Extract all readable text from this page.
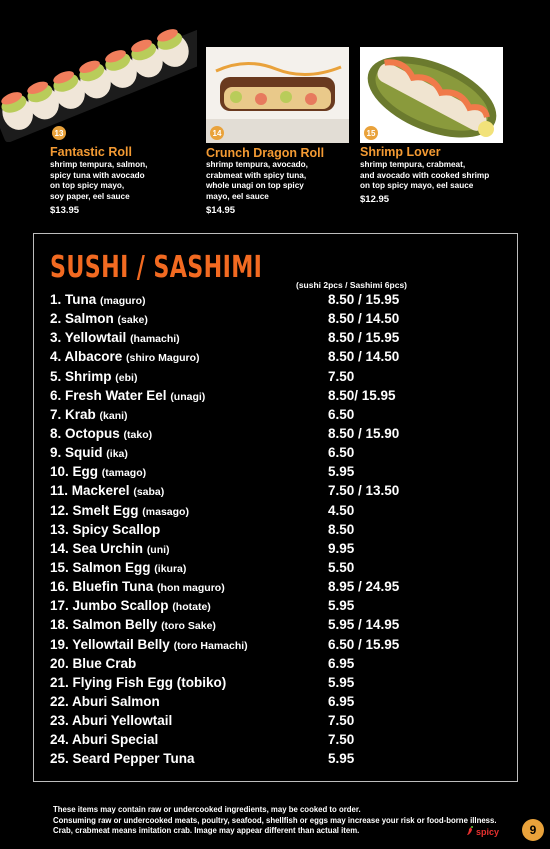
13
Fantastic Roll
shrimp tempura, salmon,
spicy tuna with avocado
on top spicy mayo,
soy paper, eel sauce
$13.95
14
Crunch Dragon Roll
shrimp tempura, avocado,
crabmeat with spicy tuna,
whole unagi on top spicy
mayo, eel sauce
$14.95
15
Shrimp Lover
shrimp tempura, crabmeat,
and avocado with cooked shrimp
on top spicy mayo, eel sauce
$12.95
SUSHI / SASHIMI	(sushi 2pcs / Sashimi 6pcs)
1. Tuna (maguro)	8.50 / 15.95
2. Salmon (sake)	8.50 / 14.50
3. Yellowtail (hamachi)	8.50 / 15.95
4. Albacore (shiro Maguro)	8.50 / 14.50
5. Shrimp (ebi)	7.50
6. Fresh Water Eel (unagi)	8.50/ 15.95
7. Krab (kani)	6.50
8. Octopus (tako)	8.50 / 15.90
9. Squid (ika)	6.50
10. Egg (tamago)	5.95
11. Mackerel (saba)	7.50 / 13.50
12. Smelt Egg (masago)	4.50
13. Spicy Scallop	8.50
14. Sea Urchin (uni)	9.95
15. Salmon Egg (ikura)	5.50
16. Bluefin Tuna (hon maguro)	8.95 / 24.95
17. Jumbo Scallop (hotate)	5.95
18. Salmon Belly (toro Sake)	5.95 / 14.95
19. Yellowtail Belly (toro Hamachi)	6.50 / 15.95
20. Blue Crab	6.95
21. Flying Fish Egg (tobiko)	5.95
22. Aburi Salmon	6.95
23. Aburi Yellowtail	7.50
24. Aburi Special	7.50
25. Seard Pepper Tuna	5.95
These items may contain raw or undercooked ingredients, may be cooked to order.
Consuming raw or undercooked meats, poultry, seafood, shellfish or eggs may increase your risk or food-borne illness.
Crab, crabmeat means imitation crab. Image may appear different than actual item.	spicy	9
